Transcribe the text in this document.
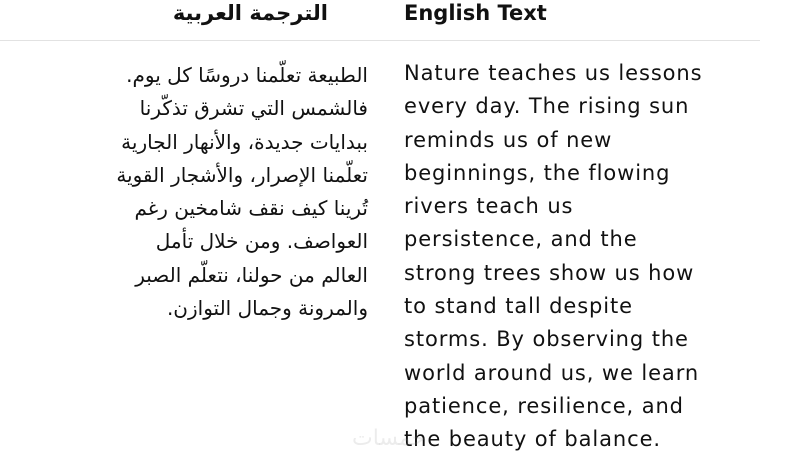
الترجمة العربية	English Text
الطبيعة تعلّمنا دروسًا كل يوم.
فالشمس التي تشرق تذكّرنا
ببدايات جديدة، والأنهار الجارية
تعلّمنا الإصرار، والأشجار القوية
تُرينا كيف نقف شامخين رغم
العواصف. ومن خلال تأمل
العالم من حولنا، نتعلّم الصبر
والمرونة وجمال التوازن.
Nature teaches us lessons
every day. The rising sun
reminds us of new
beginnings, the flowing
rivers teach us
persistence, and the
strong trees show us how
to stand tall despite
storms. By observing the
world around us, we learn
patience, resilience, and
the beauty of balance.
خمسات
